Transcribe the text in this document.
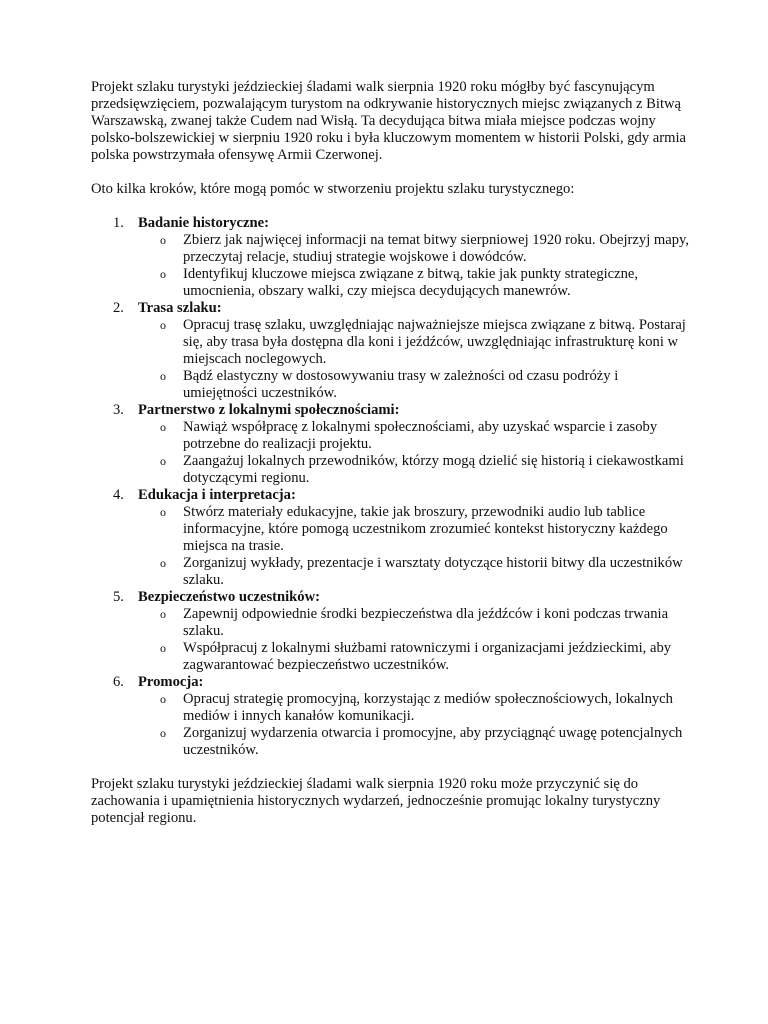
Projekt szlaku turystyki jeździeckiej śladami walk sierpnia 1920 roku mógłby być fascynującym przedsięwzięciem, pozwalającym turystom na odkrywanie historycznych miejsc związanych z Bitwą Warszawską, zwanej także Cudem nad Wisłą. Ta decydująca bitwa miała miejsce podczas wojny polsko-bolszewickiej w sierpniu 1920 roku i była kluczowym momentem w historii Polski, gdy armia polska powstrzymała ofensywę Armii Czerwonej.

Oto kilka kroków, które mogą pomóc w stworzeniu projektu szlaku turystycznego:

1. Badanie historyczne:
o Zbierz jak najwięcej informacji na temat bitwy sierpniowej 1920 roku. Obejrzyj mapy, przeczytaj relacje, studiuj strategie wojskowe i dowódców.
o Identyfikuj kluczowe miejsca związane z bitwą, takie jak punkty strategiczne, umocnienia, obszary walki, czy miejsca decydujących manewrów.
2. Trasa szlaku:
o Opracuj trasę szlaku, uwzględniając najważniejsze miejsca związane z bitwą. Postaraj się, aby trasa była dostępna dla koni i jeźdźców, uwzględniając infrastrukturę koni w miejscach noclegowych.
o Bądź elastyczny w dostosowywaniu trasy w zależności od czasu podróży i umiejętności uczestników.
3. Partnerstwo z lokalnymi społecznościami:
o Nawiąż współpracę z lokalnymi społecznościami, aby uzyskać wsparcie i zasoby potrzebne do realizacji projektu.
o Zaangażuj lokalnych przewodników, którzy mogą dzielić się historią i ciekawostkami dotyczącymi regionu.
4. Edukacja i interpretacja:
o Stwórz materiały edukacyjne, takie jak broszury, przewodniki audio lub tablice informacyjne, które pomogą uczestnikom zrozumieć kontekst historyczny każdego miejsca na trasie.
o Zorganizuj wykłady, prezentacje i warsztaty dotyczące historii bitwy dla uczestników szlaku.
5. Bezpieczeństwo uczestników:
o Zapewnij odpowiednie środki bezpieczeństwa dla jeźdźców i koni podczas trwania szlaku.
o Współpracuj z lokalnymi służbami ratowniczymi i organizacjami jeździeckimi, aby zagwarantować bezpieczeństwo uczestników.
6. Promocja:
o Opracuj strategię promocyjną, korzystając z mediów społecznościowych, lokalnych mediów i innych kanałów komunikacji.
o Zorganizuj wydarzenia otwarcia i promocyjne, aby przyciągnąć uwagę potencjalnych uczestników.

Projekt szlaku turystyki jeździeckiej śladami walk sierpnia 1920 roku może przyczynić się do zachowania i upamiętnienia historycznych wydarzeń, jednocześnie promując lokalny turystyczny potencjał regionu.
